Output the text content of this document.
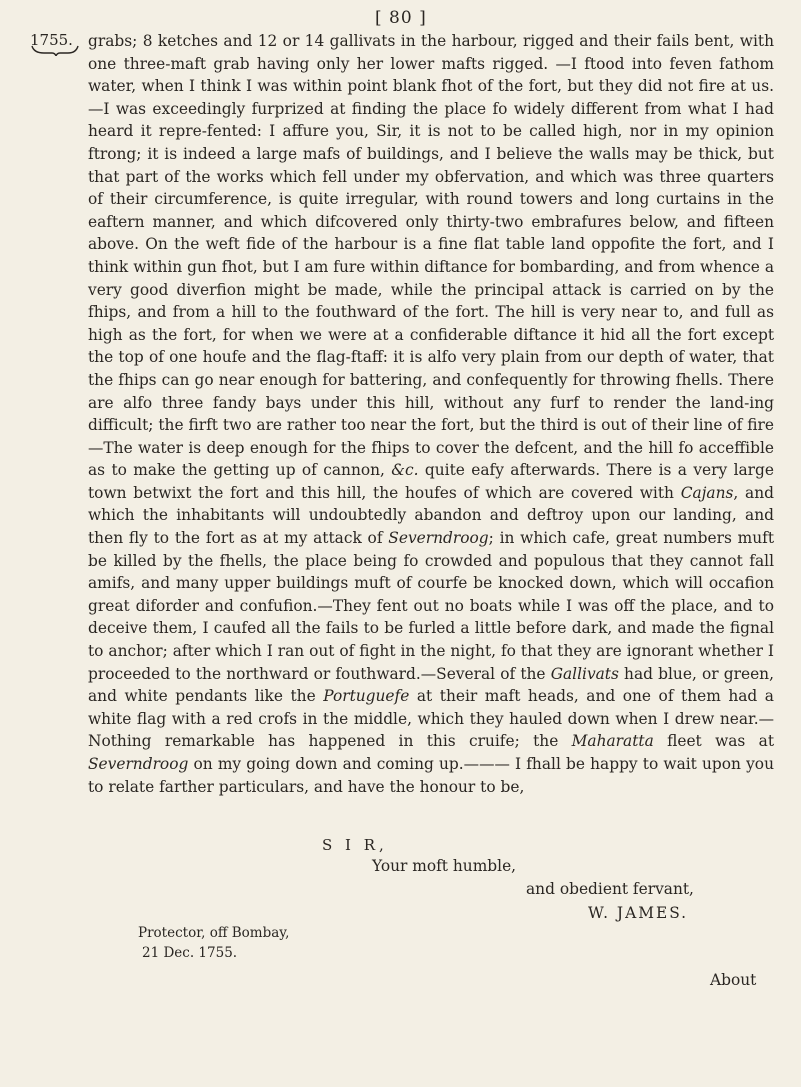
[ 80 ]
1755. grabs; 8 ketches and 12 or 14 gallivats in the harbour, rigged and their fails bent, with one three-maft grab having only her lower mafts rigged. —I ftood into feven fathom water, when I think I was within point blank fhot of the fort, but they did not fire at us.—I was exceedingly furprized at finding the place fo widely different from what I had heard it repre-fented: I affure you, Sir, it is not to be called high, nor in my opinion ftrong; it is indeed a large mafs of buildings, and I believe the walls may be thick, but that part of the works which fell under my obfervation, and which was three quarters of their circumference, is quite irregular, with round towers and long curtains in the eaftern manner, and which difcovered only thirty-two embrafures below, and fifteen above. On the weft fide of the harbour is a fine flat table land oppofite the fort, and I think within gun fhot, but I am fure within diftance for bombarding, and from whence a very good diverfion might be made, while the principal attack is carried on by the fhips, and from a hill to the fouthward of the fort. The hill is very near to, and full as high as the fort, for when we were at a confiderable diftance it hid all the fort except the top of one houfe and the flag-ftaff: it is alfo very plain from our depth of water, that the fhips can go near enough for battering, and confequently for throwing fhells. There are alfo three fandy bays under this hill, without any furf to render the land-ing difficult; the firft two are rather too near the fort, but the third is out of their line of fire—The water is deep enough for the fhips to cover the defcent, and the hill fo acceffible as to make the getting up of cannon, &c. quite eafy afterwards. There is a very large town betwixt the fort and this hill, the houfes of which are covered with Cajans, and which the inhabitants will undoubtedly abandon and deftroy upon our landing, and then fly to the fort as at my attack of Severndroog; in which cafe, great numbers muft be killed by the fhells, the place being fo crowded and populous that they cannot fall amifs, and many upper buildings muft of courfe be knocked down, which will occafion great diforder and confufion.—They fent out no boats while I was off the place, and to deceive them, I caufed all the fails to be furled a little before dark, and made the fignal to anchor; after which I ran out of fight in the night, fo that they are ignorant whether I proceeded to the northward or fouthward.—Several of the Gallivats had blue, or green, and white pendants like the Portuguefe at their maft heads, and one of them had a white flag with a red crofs in the middle, which they hauled down when I drew near.—Nothing remarkable has happened in this cruife; the Maharatta fleet was at Severndroog on my going down and coming up.——— I fhall be happy to wait upon you to relate farther particulars, and have the honour to be,

S I R,
Your moft humble,
and obedient fervant,
W. JAMES.
Protector, off Bombay,
21 Dec. 1755.
About
